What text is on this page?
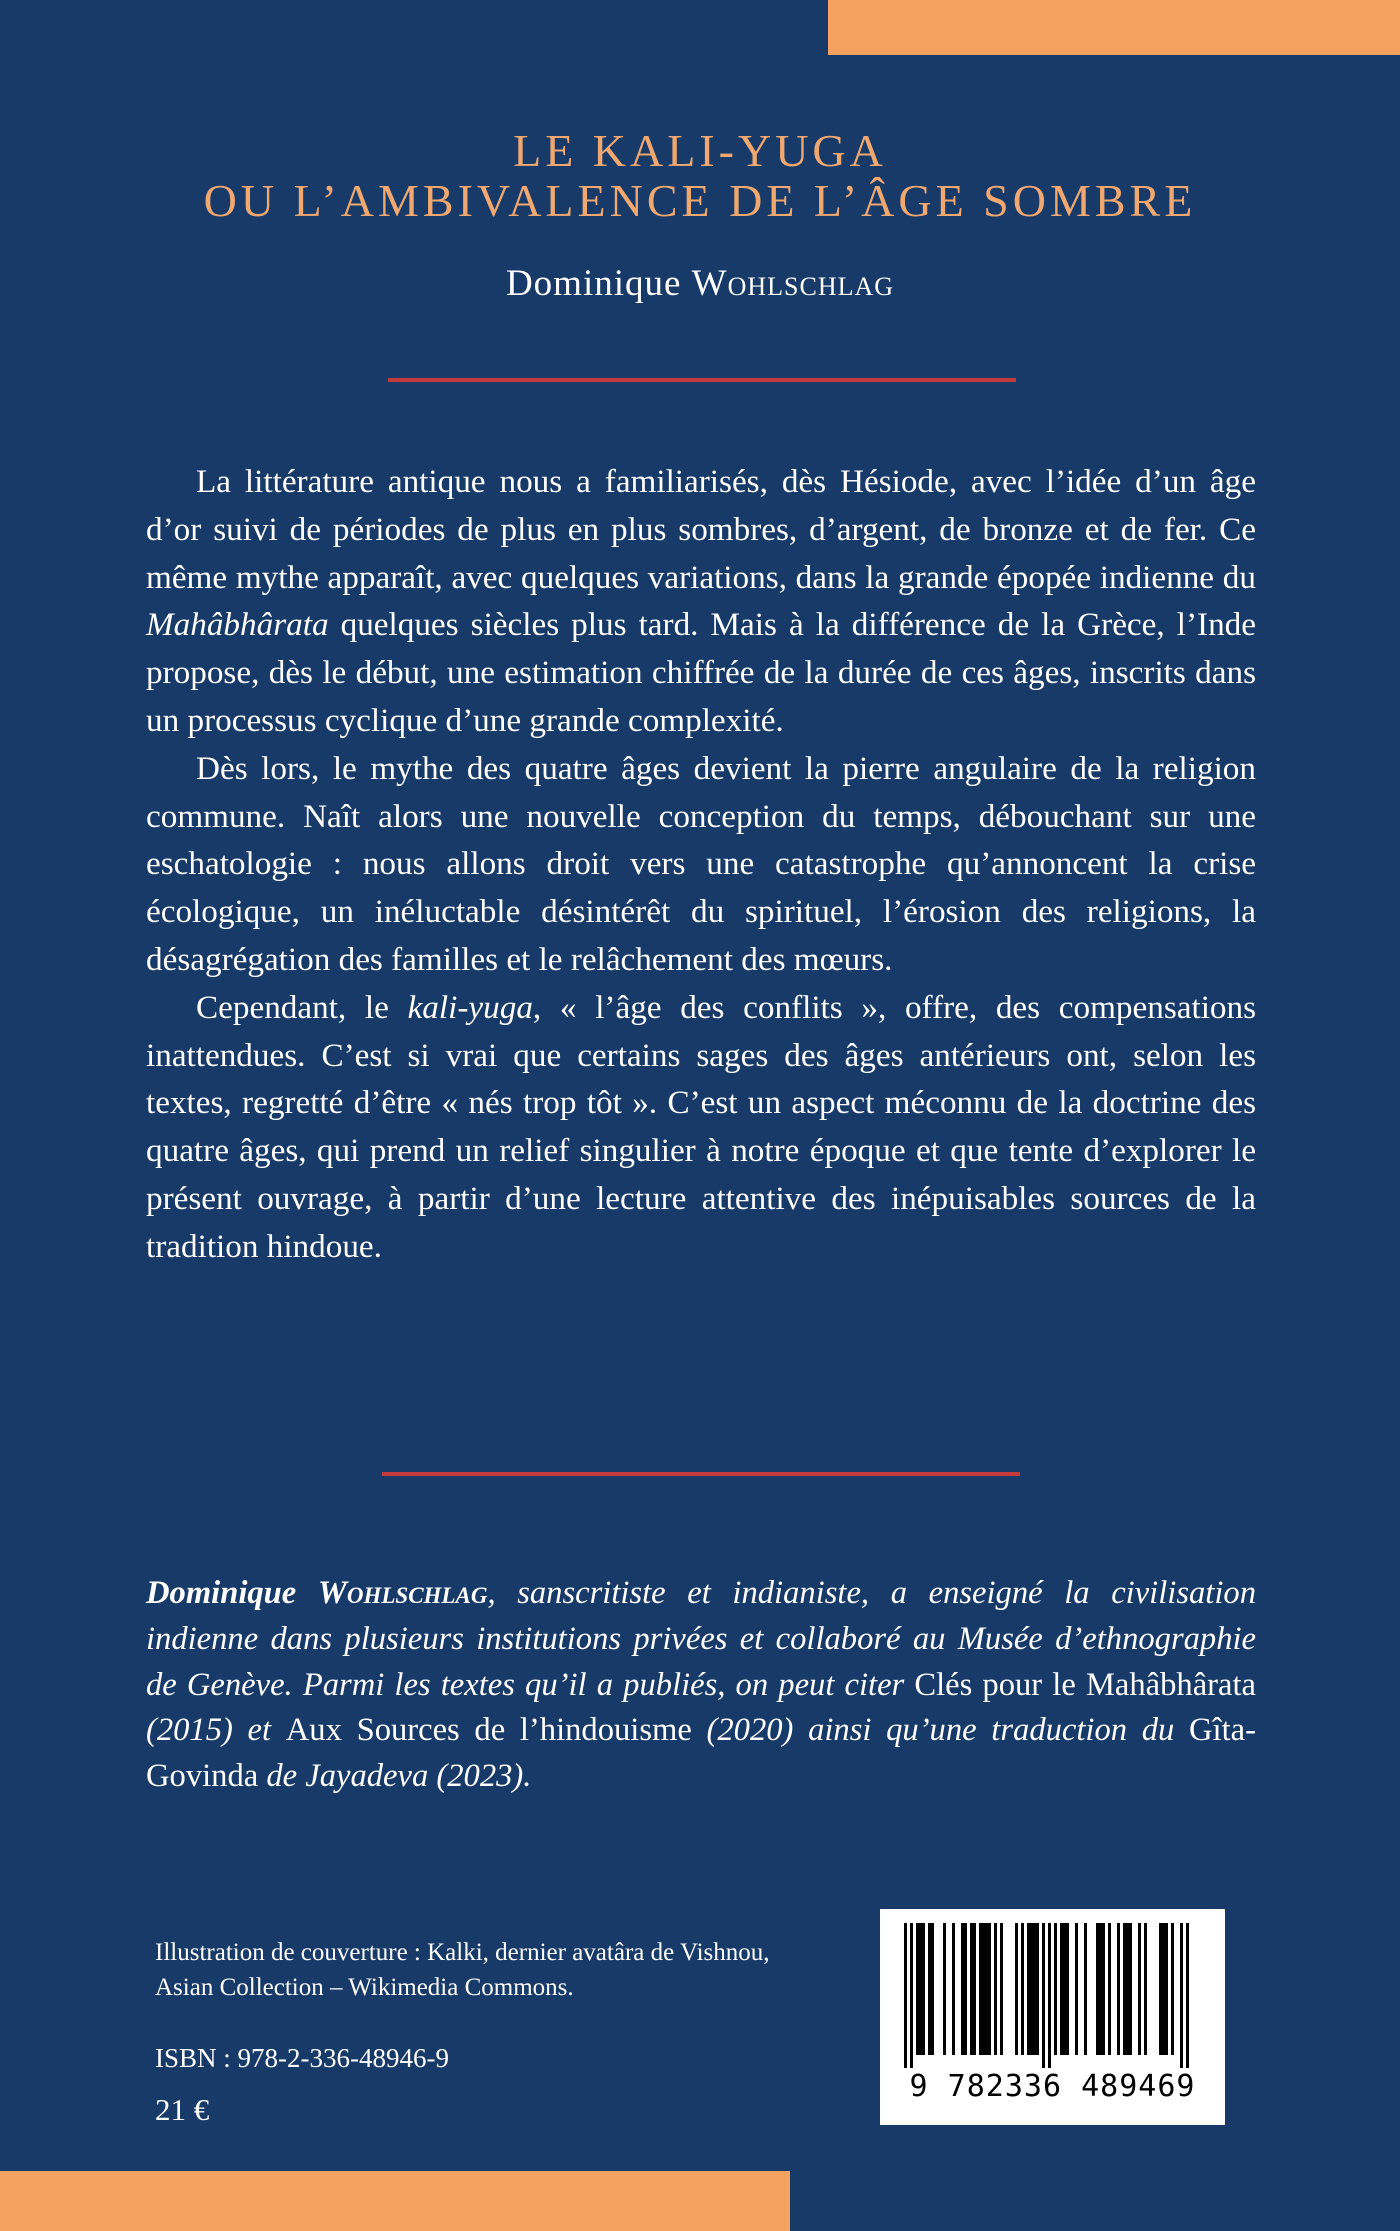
LE KALI-YUGA
OU L’AMBIVALENCE DE L’ÂGE SOMBRE
Dominique Wohlschlag

La littérature antique nous a familiarisés, dès Hésiode, avec l’idée d’un âge d’or suivi de périodes de plus en plus sombres, d’argent, de bronze et de fer. Ce même mythe apparaît, avec quelques variations, dans la grande épopée indienne du Mahâbhârata quelques siècles plus tard. Mais à la différence de la Grèce, l’Inde propose, dès le début, une estimation chiffrée de la durée de ces âges, inscrits dans un processus cyclique d’une grande complexité.

Dès lors, le mythe des quatre âges devient la pierre angulaire de la religion commune. Naît alors une nouvelle conception du temps, débouchant sur une eschatologie : nous allons droit vers une catastrophe qu’annoncent la crise écologique, un inéluctable désintérêt du spirituel, l’érosion des religions, la désagrégation des familles et le relâchement des mœurs.

Cependant, le kali-yuga, « l’âge des conflits », offre, des compensations inattendues. C’est si vrai que certains sages des âges antérieurs ont, selon les textes, regretté d’être « nés trop tôt ». C’est un aspect méconnu de la doctrine des quatre âges, qui prend un relief singulier à notre époque et que tente d’explorer le présent ouvrage, à partir d’une lecture attentive des inépuisables sources de la tradition hindoue.

Dominique Wohlschlag, sanscritiste et indianiste, a enseigné la civilisation indienne dans plusieurs institutions privées et collaboré au Musée d’ethnographie de Genève. Parmi les textes qu’il a publiés, on peut citer Clés pour le Mahâbhârata (2015) et Aux Sources de l’hindouisme (2020) ainsi qu’une traduction du Gîta-Govinda de Jayadeva (2023).
Illustration de couverture : Kalki, dernier avatâra de Vishnou,
Asian Collection – Wikimedia Commons.
ISBN : 978-2-336-48946-9
21 €
9 782336 489469
